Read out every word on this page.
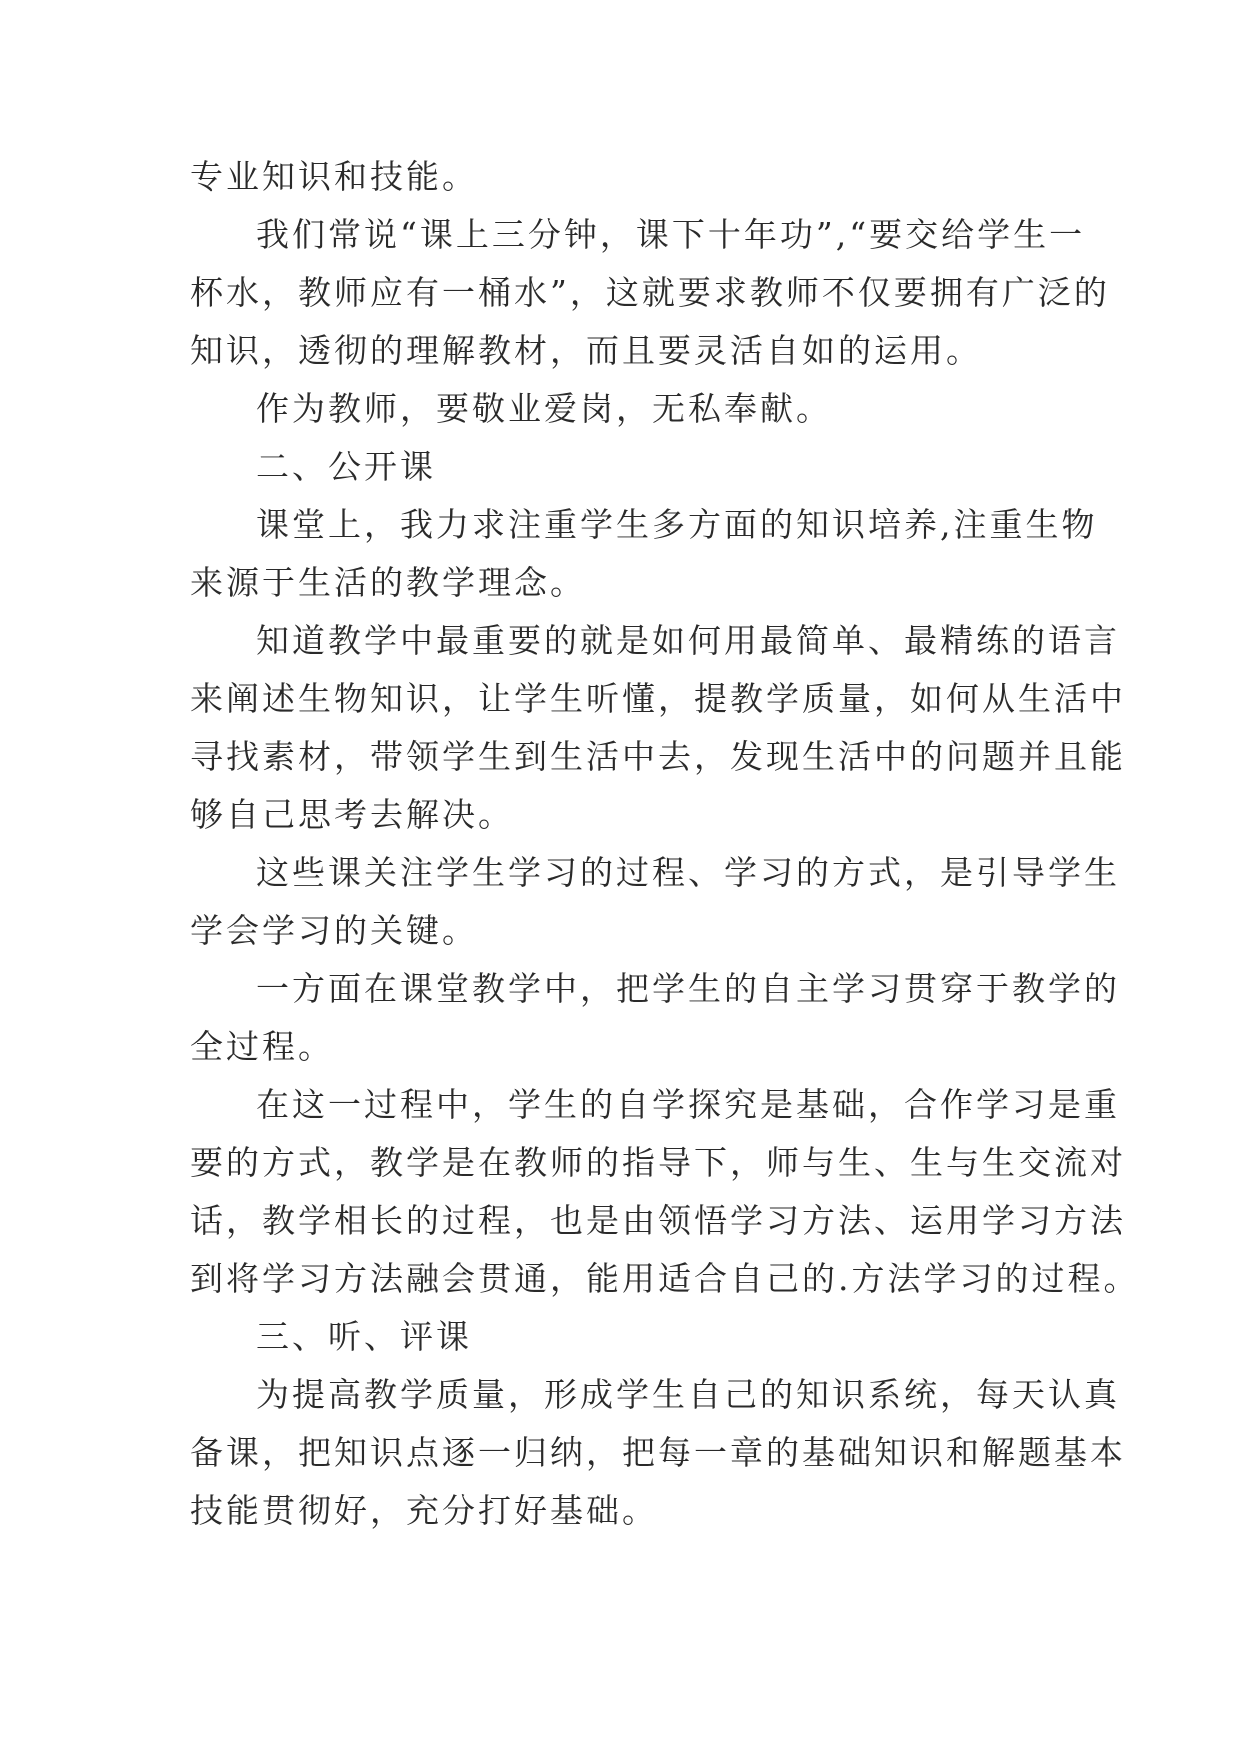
专业知识和技能。
我们常说“课上三分钟，课下十年功”,“要交给学生一
杯水，教师应有一桶水”，这就要求教师不仅要拥有广泛的
知识，透彻的理解教材，而且要灵活自如的运用。
作为教师，要敬业爱岗，无私奉献。
二、公开课
课堂上，我力求注重学生多方面的知识培养,注重生物
来源于生活的教学理念。
知道教学中最重要的就是如何用最简单、最精练的语言
来阐述生物知识，让学生听懂，提教学质量，如何从生活中
寻找素材，带领学生到生活中去，发现生活中的问题并且能
够自己思考去解决。
这些课关注学生学习的过程、学习的方式，是引导学生
学会学习的关键。
一方面在课堂教学中，把学生的自主学习贯穿于教学的
全过程。
在这一过程中，学生的自学探究是基础，合作学习是重
要的方式，教学是在教师的指导下，师与生、生与生交流对
话，教学相长的过程，也是由领悟学习方法、运用学习方法
到将学习方法融会贯通，能用适合自己的.方法学习的过程。
三、听、评课
为提高教学质量，形成学生自己的知识系统，每天认真
备课，把知识点逐一归纳，把每一章的基础知识和解题基本
技能贯彻好，充分打好基础。
